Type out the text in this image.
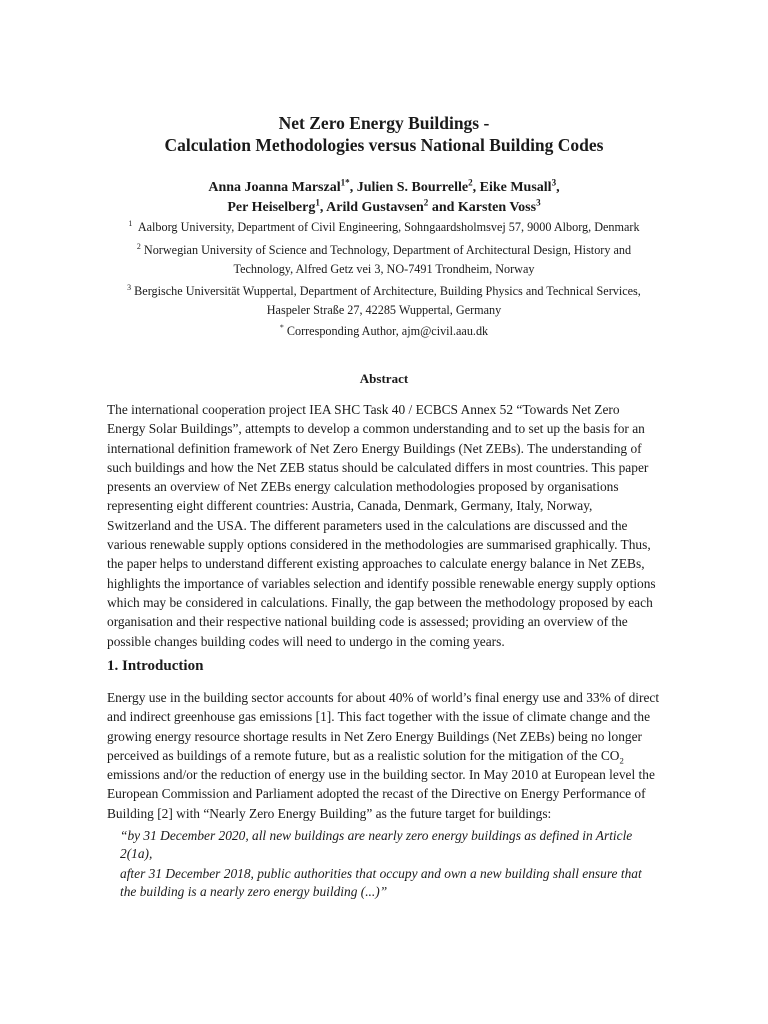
Net Zero Energy Buildings -
Calculation Methodologies versus National Building Codes
Anna Joanna Marszal$^{1*}$, Julien S. Bourrelle$^2$, Eike Musall$^3$,
Per Heiselberg$^1$, Arild Gustavsen$^2$ and Karsten Voss$^3$
$^1$ Aalborg University, Department of Civil Engineering, Sohngaardsholmsvej 57, 9000 Alborg, Denmark
$^2$ Norwegian University of Science and Technology, Department of Architectural Design, History and
Technology, Alfred Getz vei 3, NO-7491 Trondheim, Norway
$^3$ Bergische Universität Wuppertal, Department of Architecture, Building Physics and Technical Services,
Haspeler Straße 27, 42285 Wuppertal, Germany
* Corresponding Author, ajm@civil.aau.dk
Abstract
The international cooperation project IEA SHC Task 40 / ECBCS Annex 52 “Towards Net Zero
Energy Solar Buildings”, attempts to develop a common understanding and to set up the basis for an
international definition framework of Net Zero Energy Buildings (Net ZEBs). The understanding of
such buildings and how the Net ZEB status should be calculated differs in most countries. This paper
presents an overview of Net ZEBs energy calculation methodologies proposed by organisations
representing eight different countries: Austria, Canada, Denmark, Germany, Italy, Norway,
Switzerland and the USA. The different parameters used in the calculations are discussed and the
various renewable supply options considered in the methodologies are summarised graphically. Thus,
the paper helps to understand different existing approaches to calculate energy balance in Net ZEBs,
highlights the importance of variables selection and identify possible renewable energy supply options
which may be considered in calculations. Finally, the gap between the methodology proposed by each
organisation and their respective national building code is assessed; providing an overview of the
possible changes building codes will need to undergo in the coming years.
1. Introduction
Energy use in the building sector accounts for about 40% of world’s final energy use and 33% of direct
and indirect greenhouse gas emissions [1]. This fact together with the issue of climate change and the
growing energy resource shortage results in Net Zero Energy Buildings (Net ZEBs) being no longer
perceived as buildings of a remote future, but as a realistic solution for the mitigation of the $CO_2$
emissions and/or the reduction of energy use in the building sector. In May 2010 at European level the
European Commission and Parliament adopted the recast of the Directive on Energy Performance of
Building [2] with “Nearly Zero Energy Building” as the future target for buildings:
“by 31 December 2020, all new buildings are nearly zero energy buildings as defined in Article
2(1a),
after 31 December 2018, public authorities that occupy and own a new building shall ensure that
the building is a nearly zero energy building (...)”
